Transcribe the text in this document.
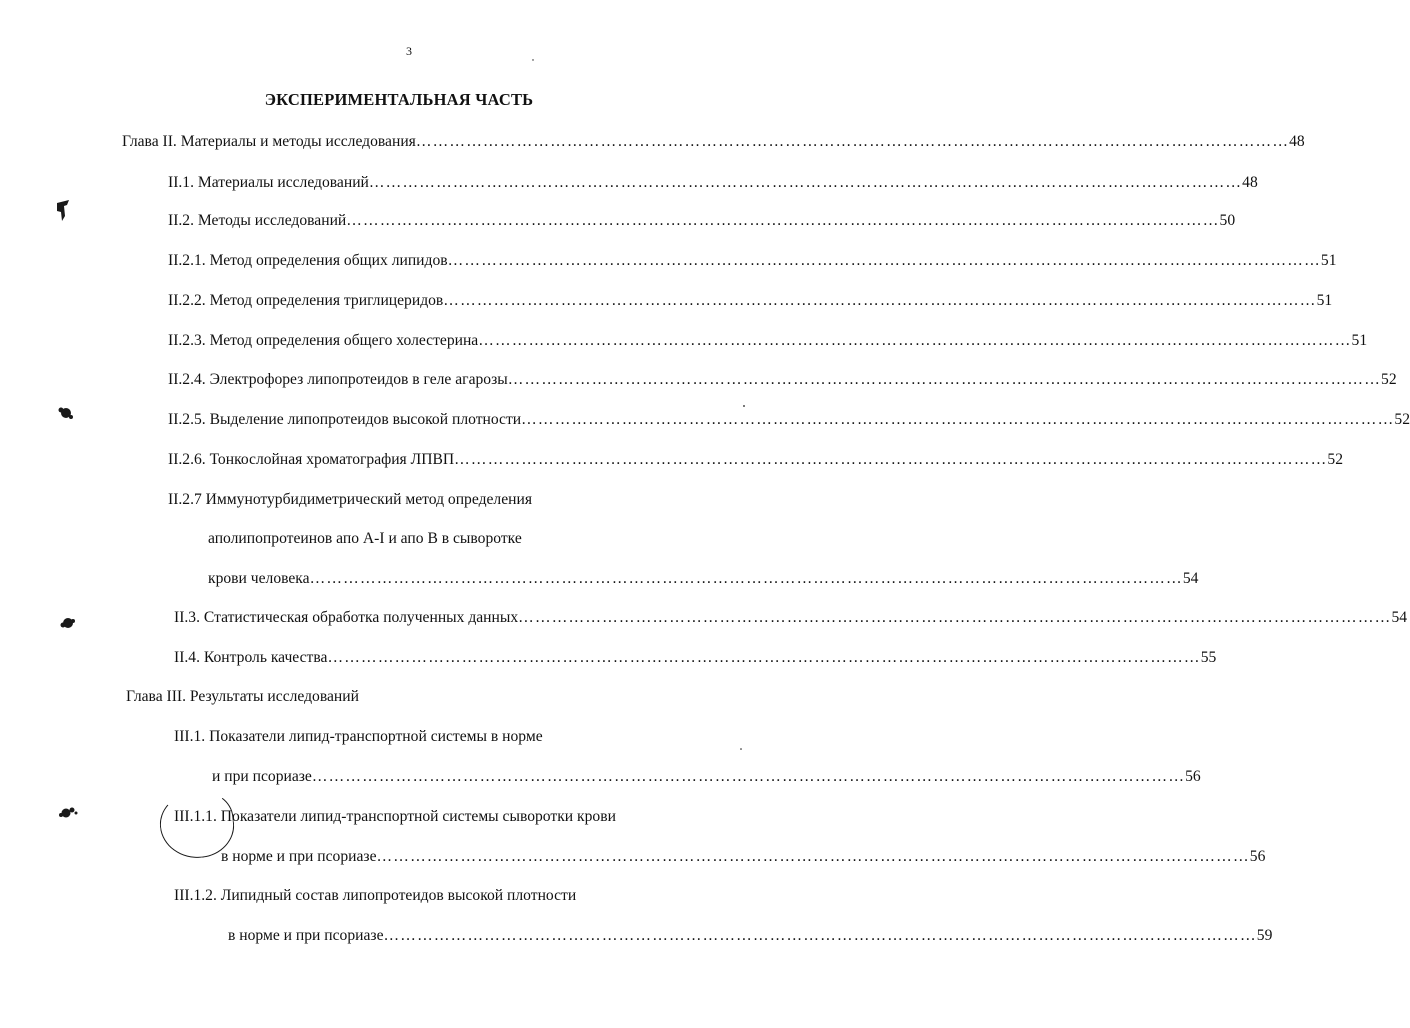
3
ЭКСПЕРИМЕНТАЛЬНАЯ ЧАСТЬ
Глава II. Материалы и методы исследования ………………………………………………………………………………………………………………………………………… 48
II.1. Материалы исследований ………………………………………………………………………………………………………………………………………… 48
II.2. Методы исследований ………………………………………………………………………………………………………………………………………… 50
II.2.1. Метод определения общих липидов ………………………………………………………………………………………………………………………………………… 51
II.2.2. Метод определения триглицеридов ………………………………………………………………………………………………………………………………………… 51
II.2.3. Метод определения общего холестерина ………………………………………………………………………………………………………………………………………… 51
II.2.4. Электрофорез липопротеидов в геле агарозы ………………………………………………………………………………………………………………………………………… 52
II.2.5. Выделение липопротеидов высокой плотности ………………………………………………………………………………………………………………………………………… 52
II.2.6. Тонкослойная хроматография ЛПВП ………………………………………………………………………………………………………………………………………… 52
II.2.7 Иммунотурбидиметрический метод определения
аполипопротеинов апо А-I и апо В в сыворотке
крови человека ………………………………………………………………………………………………………………………………………… 54
II.3. Статистическая обработка полученных данных ………………………………………………………………………………………………………………………………………… 54
II.4. Контроль качества ………………………………………………………………………………………………………………………………………… 55
Глава III. Результаты исследований
III.1. Показатели липид-транспортной системы в норме
и при псориазе ………………………………………………………………………………………………………………………………………… 56
III.1.1. Показатели липид-транспортной системы сыворотки крови
в норме и при псориазе ………………………………………………………………………………………………………………………………………… 56
III.1.2. Липидный состав липопротеидов высокой плотности
в норме и при псориазе ………………………………………………………………………………………………………………………………………… 59
